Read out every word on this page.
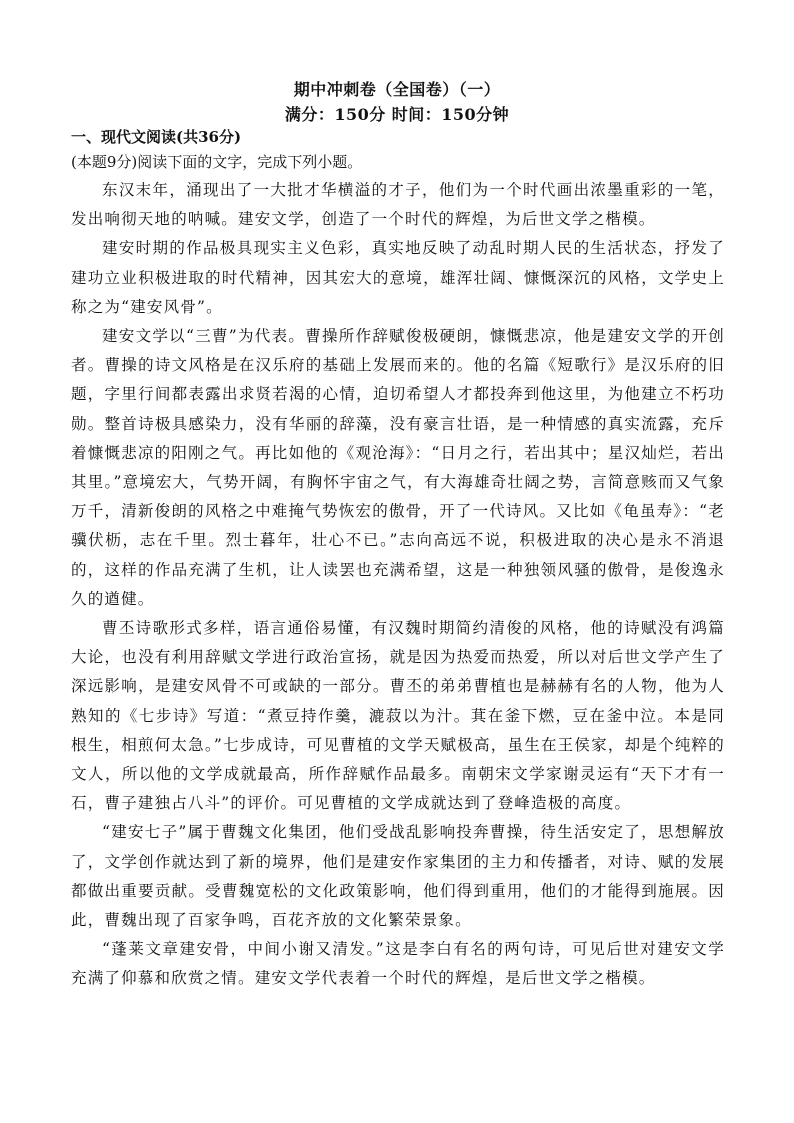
期中冲刺卷（全国卷）（一）
满分：150分 时间：150分钟
一、现代文阅读(共36分)
(本题9分)阅读下面的文字，完成下列小题。

东汉末年，涌现出了一大批才华横溢的才子，他们为一个时代画出浓墨重彩的一笔，发出响彻天地的呐喊。建安文学，创造了一个时代的辉煌，为后世文学之楷模。

建安时期的作品极具现实主义色彩，真实地反映了动乱时期人民的生活状态，抒发了建功立业积极进取的时代精神，因其宏大的意境，雄浑壮阔、慷慨深沉的风格，文学史上称之为“建安风骨”。

建安文学以“三曹”为代表。曹操所作辞赋俊极硬朗，慷慨悲凉，他是建安文学的开创者。曹操的诗文风格是在汉乐府的基础上发展而来的。他的名篇《短歌行》是汉乐府的旧题，字里行间都表露出求贤若渴的心情，迫切希望人才都投奔到他这里，为他建立不朽功勋。整首诗极具感染力，没有华丽的辞藻，没有豪言壮语，是一种情感的真实流露，充斥着慷慨悲凉的阳刚之气。再比如他的《观沧海》：“日月之行，若出其中；星汉灿烂，若出其里。”意境宏大，气势开阔，有胸怀宇宙之气，有大海雄奇壮阔之势，言简意赅而又气象万千，清新俊朗的风格之中难掩气势恢宏的傲骨，开了一代诗风。又比如《龟虽寿》：“老骥伏枥，志在千里。烈士暮年，壮心不已。”志向高远不说，积极进取的决心是永不消退的，这样的作品充满了生机，让人读罢也充满希望，这是一种独领风骚的傲骨，是俊逸永久的遒健。

曹丕诗歌形式多样，语言通俗易懂，有汉魏时期简约清俊的风格，他的诗赋没有鸿篇大论，也没有利用辞赋文学进行政治宣扬，就是因为热爱而热爱，所以对后世文学产生了深远影响，是建安风骨不可或缺的一部分。曹丕的弟弟曹植也是赫赫有名的人物，他为人熟知的《七步诗》写道：“煮豆持作羹，漉菽以为汁。萁在釜下燃，豆在釜中泣。本是同根生，相煎何太急。”七步成诗，可见曹植的文学天赋极高，虽生在王侯家，却是个纯粹的文人，所以他的文学成就最高，所作辞赋作品最多。南朝宋文学家谢灵运有“天下才有一石，曹子建独占八斗”的评价。可见曹植的文学成就达到了登峰造极的高度。

“建安七子”属于曹魏文化集团，他们受战乱影响投奔曹操，待生活安定了，思想解放了，文学创作就达到了新的境界，他们是建安作家集团的主力和传播者，对诗、赋的发展都做出重要贡献。受曹魏宽松的文化政策影响，他们得到重用，他们的才能得到施展。因此，曹魏出现了百家争鸣，百花齐放的文化繁荣景象。

“蓬莱文章建安骨，中间小谢又清发。”这是李白有名的两句诗，可见后世对建安文学充满了仰慕和欣赏之情。建安文学代表着一个时代的辉煌，是后世文学之楷模。
